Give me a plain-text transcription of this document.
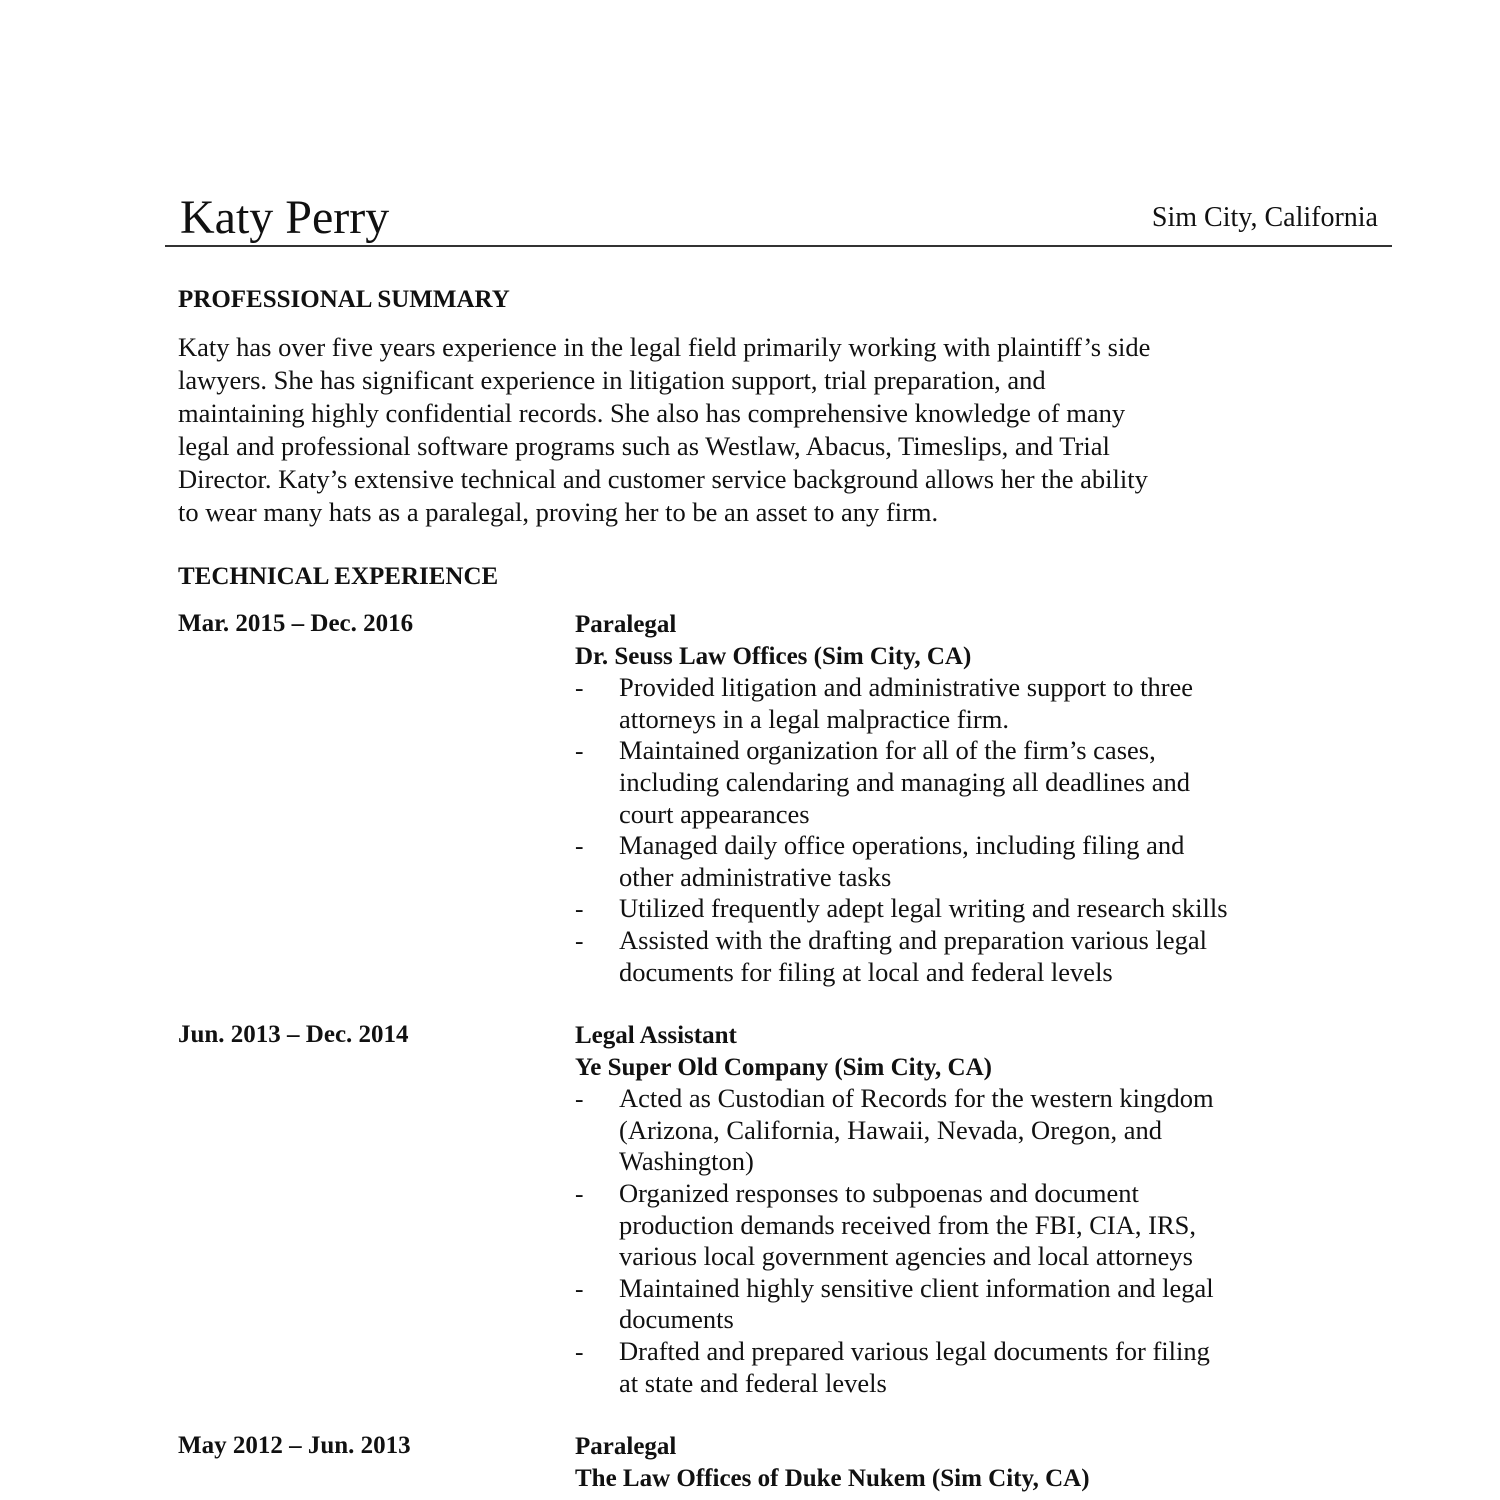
Katy Perry	Sim City, California
PROFESSIONAL SUMMARY
Katy has over five years experience in the legal field primarily working with plaintiff’s side
lawyers. She has significant experience in litigation support, trial preparation, and
maintaining highly confidential records. She also has comprehensive knowledge of many
legal and professional software programs such as Westlaw, Abacus, Timeslips, and Trial
Director. Katy’s extensive technical and customer service background allows her the ability
to wear many hats as a paralegal, proving her to be an asset to any firm.
TECHNICAL EXPERIENCE
Mar. 2015 – Dec. 2016	Paralegal
Dr. Seuss Law Offices (Sim City, CA)
- Provided litigation and administrative support to three
attorneys in a legal malpractice firm.
- Maintained organization for all of the firm’s cases,
including calendaring and managing all deadlines and
court appearances
- Managed daily office operations, including filing and
other administrative tasks
- Utilized frequently adept legal writing and research skills
- Assisted with the drafting and preparation various legal
documents for filing at local and federal levels
Jun. 2013 – Dec. 2014	Legal Assistant
Ye Super Old Company (Sim City, CA)
- Acted as Custodian of Records for the western kingdom
(Arizona, California, Hawaii, Nevada, Oregon, and
Washington)
- Organized responses to subpoenas and document
production demands received from the FBI, CIA, IRS,
various local government agencies and local attorneys
- Maintained highly sensitive client information and legal
documents
- Drafted and prepared various legal documents for filing
at state and federal levels
May 2012 – Jun. 2013	Paralegal
The Law Offices of Duke Nukem (Sim City, CA)
